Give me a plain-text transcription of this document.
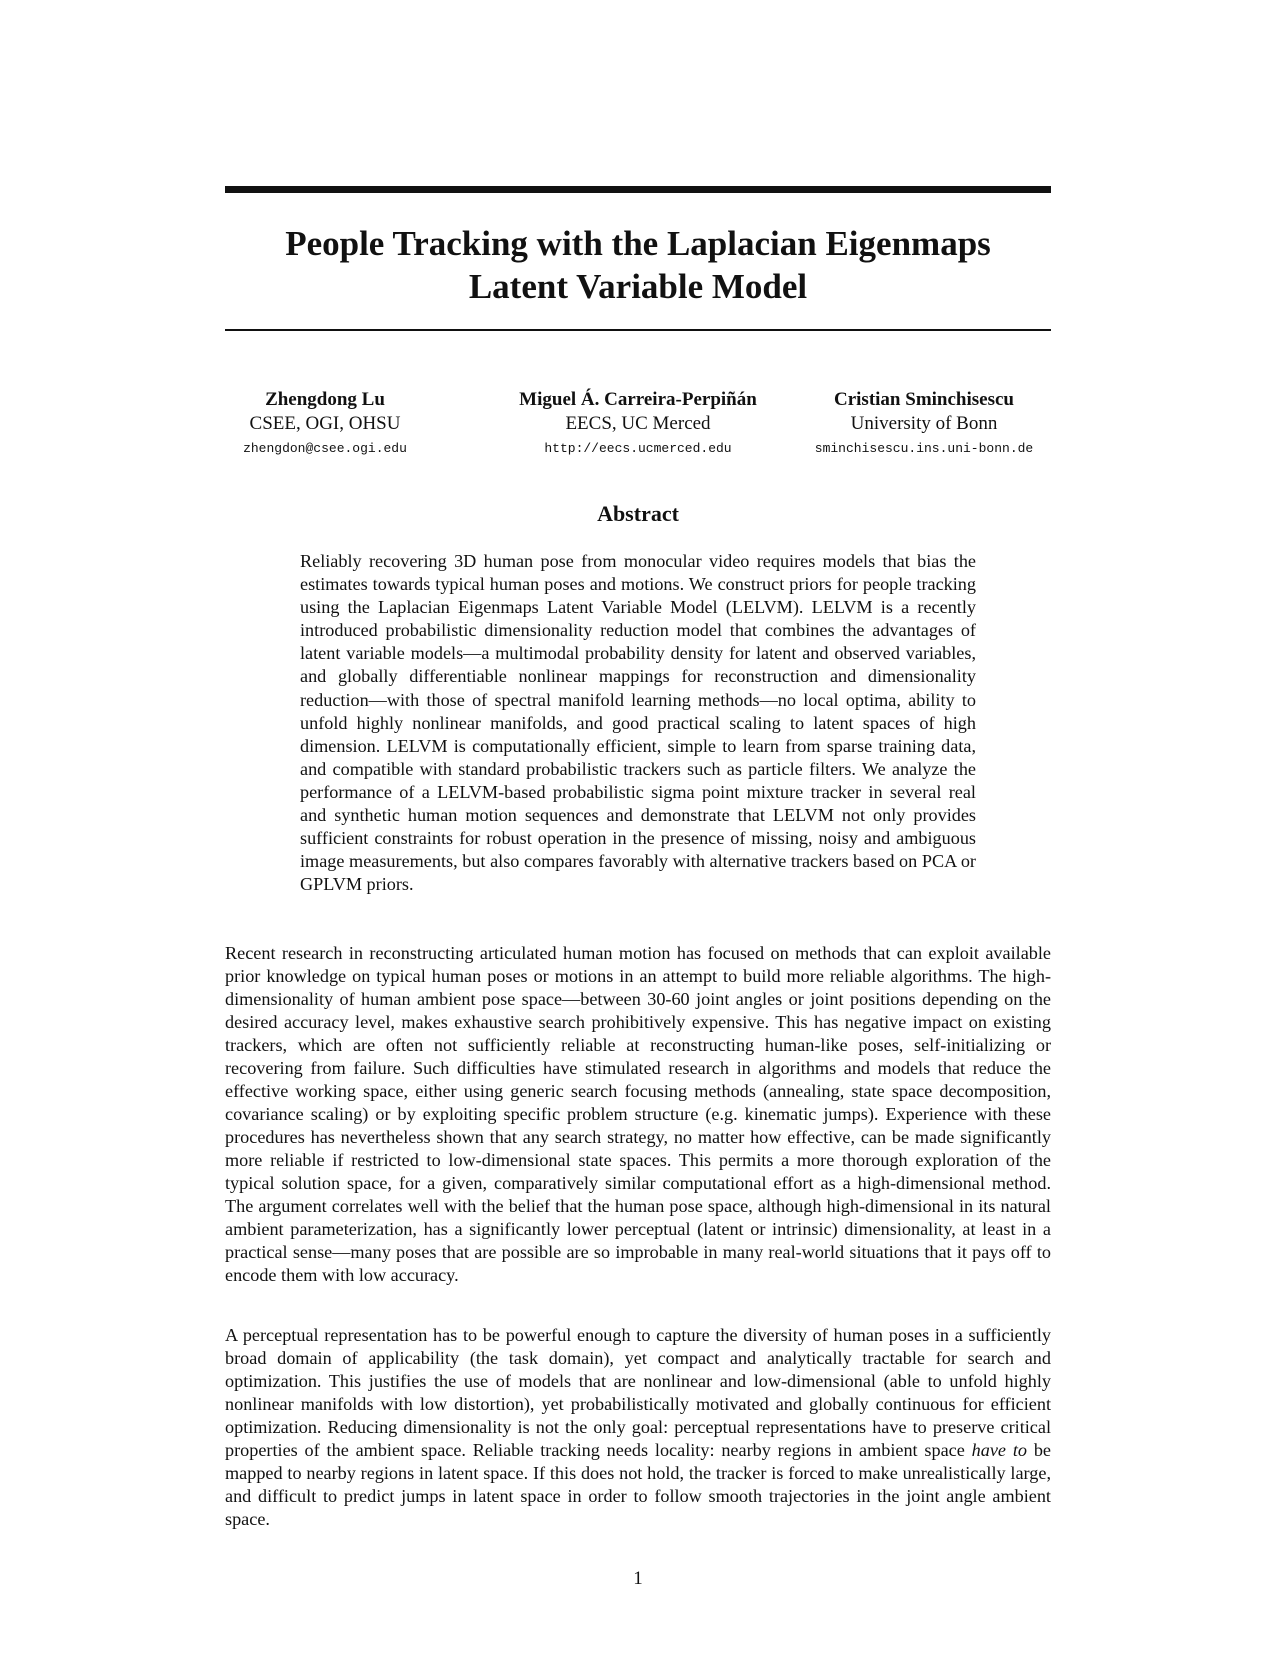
People Tracking with the Laplacian Eigenmaps
Latent Variable Model
Zhengdong Lu
CSEE, OGI, OHSU
zhengdon@csee.ogi.edu
Miguel Á. Carreira-Perpiñán
EECS, UC Merced
http://eecs.ucmerced.edu
Cristian Sminchisescu
University of Bonn
sminchisescu.ins.uni-bonn.de
Abstract

Reliably recovering 3D human pose from monocular video requires models that bias the estimates towards typical human poses and motions. We construct priors for people tracking using the Laplacian Eigenmaps Latent Variable Model (LELVM). LELVM is a recently introduced probabilistic dimensionality reduction model that combines the advantages of latent variable models—a multimodal probability density for latent and observed variables, and globally differentiable nonlinear mappings for reconstruction and dimensionality reduction—with those of spectral manifold learning methods—no local optima, ability to unfold highly nonlinear manifolds, and good practical scaling to latent spaces of high dimension. LELVM is computationally efficient, simple to learn from sparse training data, and compatible with standard probabilistic trackers such as particle filters. We analyze the performance of a LELVM-based probabilistic sigma point mixture tracker in several real and synthetic human motion sequences and demonstrate that LELVM not only provides sufficient constraints for robust operation in the presence of missing, noisy and ambiguous image measurements, but also compares favorably with alternative trackers based on PCA or GPLVM priors.

Recent research in reconstructing articulated human motion has focused on methods that can exploit available prior knowledge on typical human poses or motions in an attempt to build more reliable algorithms. The high-dimensionality of human ambient pose space—between 30-60 joint angles or joint positions depending on the desired accuracy level, makes exhaustive search prohibitively expensive. This has negative impact on existing trackers, which are often not sufficiently reliable at reconstructing human-like poses, self-initializing or recovering from failure. Such difficulties have stimulated research in algorithms and models that reduce the effective working space, either using generic search focusing methods (annealing, state space decomposition, covariance scaling) or by exploiting specific problem structure (e.g. kinematic jumps). Experience with these procedures has nevertheless shown that any search strategy, no matter how effective, can be made significantly more reliable if restricted to low-dimensional state spaces. This permits a more thorough exploration of the typical solution space, for a given, comparatively similar computational effort as a high-dimensional method. The argument correlates well with the belief that the human pose space, although high-dimensional in its natural ambient parameterization, has a significantly lower perceptual (latent or intrinsic) dimensionality, at least in a practical sense—many poses that are possible are so improbable in many real-world situations that it pays off to encode them with low accuracy.

A perceptual representation has to be powerful enough to capture the diversity of human poses in a sufficiently broad domain of applicability (the task domain), yet compact and analytically tractable for search and optimization. This justifies the use of models that are nonlinear and low-dimensional (able to unfold highly nonlinear manifolds with low distortion), yet probabilistically motivated and globally continuous for efficient optimization. Reducing dimensionality is not the only goal: perceptual representations have to preserve critical properties of the ambient space. Reliable tracking needs locality: nearby regions in ambient space have to be mapped to nearby regions in latent space. If this does not hold, the tracker is forced to make unrealistically large, and difficult to predict jumps in latent space in order to follow smooth trajectories in the joint angle ambient space.

1
